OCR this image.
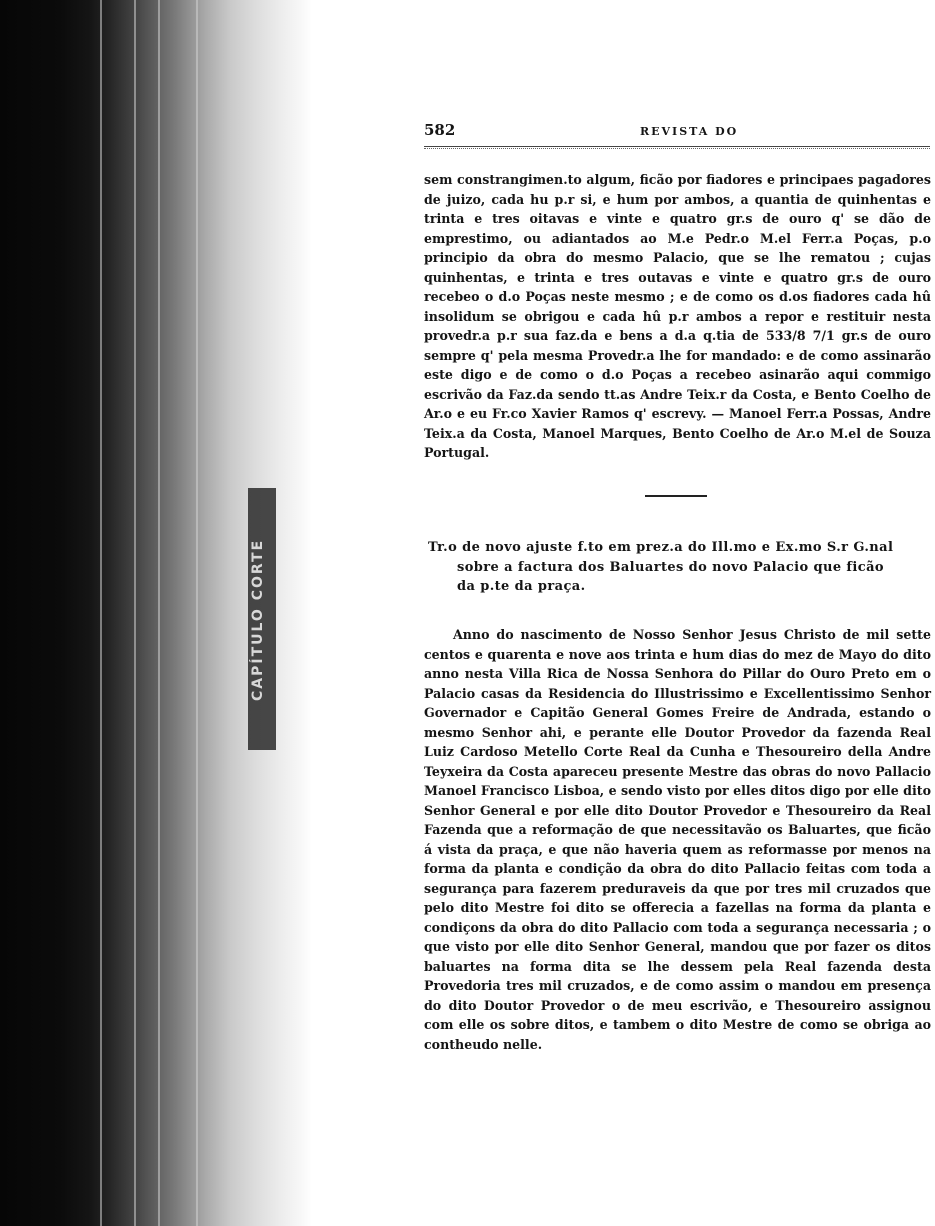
CAPÍTULO CORTE
582	REVISTA DO

sem constrangimen.to algum, ficão por fiadores e principaes pagadores de juizo, cada hu p.r si, e hum por ambos, a quantia de quinhentas e trinta e tres oitavas e vinte e quatro gr.s de ouro q' se dão de emprestimo, ou adiantados ao M.e Pedr.o M.el Ferr.a Poças, p.o principio da obra do mesmo Palacio, que se lhe rematou ; cujas quinhentas, e trinta e tres outavas e vinte e quatro gr.s de ouro recebeo o d.o Poças neste mesmo ; e de como os d.os fiadores cada hû insolidum se obrigou e cada hû p.r ambos a repor e restituir nesta provedr.a p.r sua faz.da e bens a d.a q.tia de 533/8 7/1 gr.s de ouro sempre q' pela mesma Provedr.a lhe for mandado: e de como assinarão este digo e de como o d.o Poças a recebeo asinarão aqui commigo escrivão da Faz.da sendo tt.as Andre Teix.r da Costa, e Bento Coelho de Ar.o e eu Fr.co Xavier Ramos q' escrevy. — Manoel Ferr.a Possas, Andre Teix.a da Costa, Manoel Marques, Bento Coelho de Ar.o M.el de Souza Portugal.

Tr.o de novo ajuste f.to em prez.a do Ill.mo e Ex.mo S.r G.nal
sobre a factura dos Baluartes do novo Palacio que ficão
da p.te da praça.

Anno do nascimento de Nosso Senhor Jesus Christo de mil sette centos e quarenta e nove aos trinta e hum dias do mez de Mayo do dito anno nesta Villa Rica de Nossa Senhora do Pillar do Ouro Preto em o Palacio casas da Residencia do Illustrissimo e Excellentissimo Senhor Governador e Capitão General Gomes Freire de Andrada, estando o mesmo Senhor ahi, e perante elle Doutor Provedor da fazenda Real Luiz Cardoso Metello Corte Real da Cunha e Thesoureiro della Andre Teyxeira da Costa apareceu presente Mestre das obras do novo Pallacio Manoel Francisco Lisboa, e sendo visto por elles ditos digo por elle dito Senhor General e por elle dito Doutor Provedor e Thesoureiro da Real Fazenda que a reformação de que necessitavão os Baluartes, que ficão á vista da praça, e que não haveria quem as reformasse por menos na forma da planta e condição da obra do dito Pallacio feitas com toda a segurança para fazerem preduraveis da que por tres mil cruzados que pelo dito Mestre foi dito se offerecia a fazellas na forma da planta e condiçons da obra do dito Pallacio com toda a segurança necessaria ; o que visto por elle dito Senhor General, mandou que por fazer os ditos baluartes na forma dita se lhe dessem pela Real fazenda desta Provedoria tres mil cruzados, e de como assim o mandou em presença do dito Doutor Provedor o de meu escrivão, e Thesoureiro assignou com elle os sobre ditos, e tambem o dito Mestre de como se obriga ao contheudo nelle.
